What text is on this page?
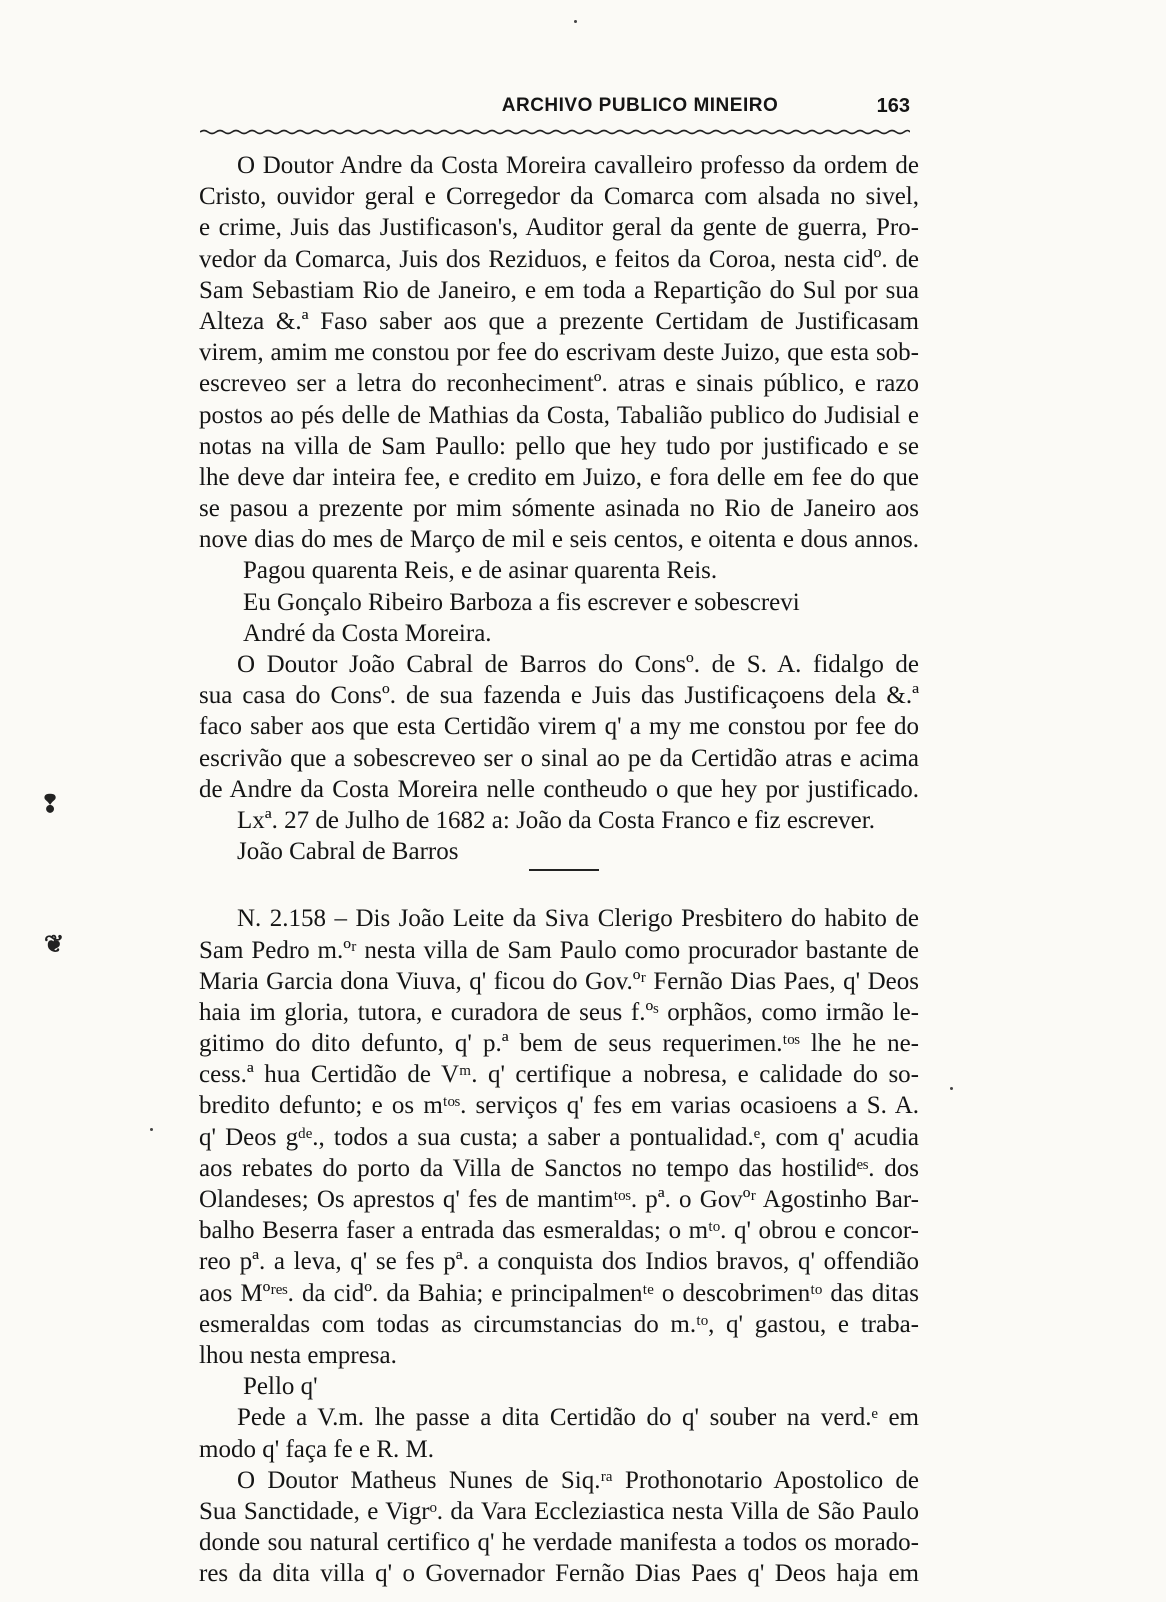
ARCHIVO PUBLICO MINEIRO	163
O Doutor Andre da Costa Moreira cavalleiro professo da ordem de
Cristo, ouvidor geral e Corregedor da Comarca com alsada no sivel,
e crime, Juis das Justificason's, Auditor geral da gente de guerra, Pro-
vedor da Comarca, Juis dos Reziduos, e feitos da Coroa, nesta cidº. de
Sam Sebastiam Rio de Janeiro, e em toda a Repartição do Sul por sua
Alteza &.ª Faso saber aos que a prezente Certidam de Justificasam
virem, amim me constou por fee do escrivam deste Juizo, que esta sob-
escreveo ser a letra do reconhecimentº. atras e sinais público, e razo
postos ao pés delle de Mathias da Costa, Tabalião publico do Judisial e
notas na villa de Sam Paullo: pello que hey tudo por justificado e se
lhe deve dar inteira fee, e credito em Juizo, e fora delle em fee do que
se pasou a prezente por mim sómente asinada no Rio de Janeiro aos
nove dias do mes de Março de mil e seis centos, e oitenta e dous annos.
Pagou quarenta Reis, e de asinar quarenta Reis.
Eu Gonçalo Ribeiro Barboza a fis escrever e sobescrevi
André da Costa Moreira.
O Doutor João Cabral de Barros do Consº. de S. A. fidalgo de
sua casa do Consº. de sua fazenda e Juis das Justificaçoens dela &.ª
faco saber aos que esta Certidão virem q' a my me constou por fee do
escrivão que a sobescreveo ser o sinal ao pe da Certidão atras e acima
de Andre da Costa Moreira nelle contheudo o que hey por justificado.
Lxª. 27 de Julho de 1682 a: João da Costa Franco e fiz escrever.
João Cabral de Barros
N. 2.158 – Dis João Leite da Siva Clerigo Presbitero do habito de
Sam Pedro m.ºʳ nesta villa de Sam Paulo como procurador bastante de
Maria Garcia dona Viuva, q' ficou do Gov.ºʳ Fernão Dias Paes, q' Deos
haia im gloria, tutora, e curadora de seus f.ºˢ orphãos, como irmão le-
gitimo do dito defunto, q' p.ª bem de seus requerimen.ᵗᵒˢ lhe he ne-
cess.ª hua Certidão de Vᵐ. q' certifique a nobresa, e calidade do so-
bredito defunto; e os mᵗᵒˢ. serviços q' fes em varias ocasioens a S. A.
q' Deos gᵈᵉ., todos a sua custa; a saber a pontualidad.ᵉ, com q' acudia
aos rebates do porto da Villa de Sanctos no tempo das hostilidᵉˢ. dos
Olandeses; Os aprestos q' fes de mantimᵗᵒˢ. pª. o Govºʳ Agostinho Bar-
balho Beserra faser a entrada das esmeraldas; o mᵗᵒ. q' obrou e concor-
reo pª. a leva, q' se fes pª. a conquista dos Indios bravos, q' offendião
aos Mºʳᵉˢ. da cidº. da Bahia; e principalmenᵗᵉ o descobrimenᵗᵒ das ditas
esmeraldas com todas as circumstancias do m.ᵗᵒ, q' gastou, e traba-
lhou nesta empresa.
Pello q'
Pede a V.m. lhe passe a dita Certidão do q' souber na verd.ᵉ em
modo q' faça fe e R. M.
O Doutor Matheus Nunes de Siq.ʳᵃ Prothonotario Apostolico de
Sua Sanctidade, e Vigrᵒ. da Vara Eccleziastica nesta Villa de São Paulo
donde sou natural certifico q' he verdade manifesta a todos os morado-
res da dita villa q' o Governador Fernão Dias Paes q' Deos haja em
❢
❦
